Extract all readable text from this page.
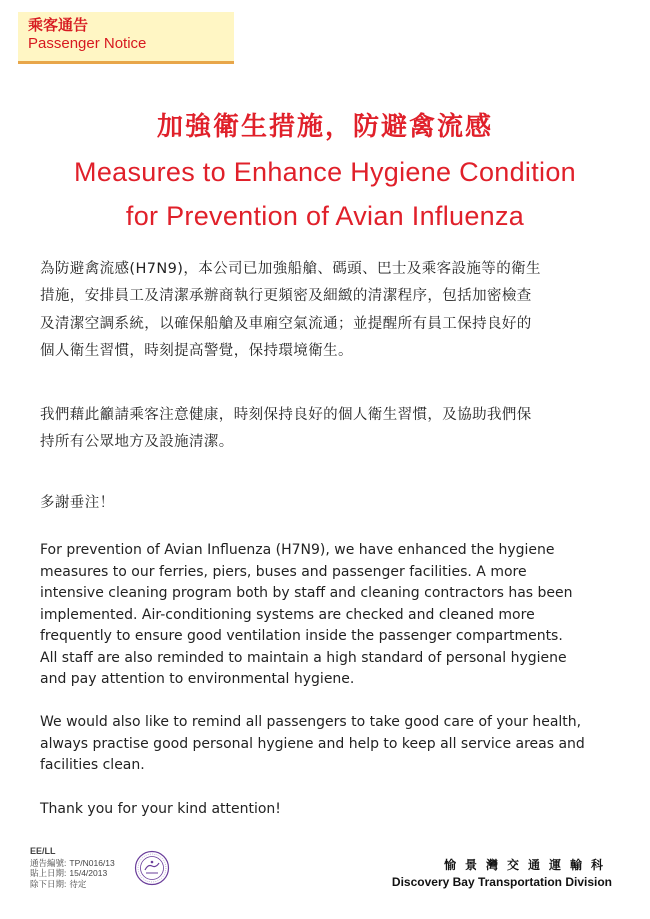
乘客通告
Passenger Notice
加強衛生措施，防避禽流感
Measures to Enhance Hygiene Condition
for Prevention of Avian Influenza
為防避禽流感(H7N9)，本公司已加強船艙、碼頭、巴士及乘客設施等的衛生
措施，安排員工及清潔承辦商執行更頻密及細緻的清潔程序，包括加密檢查
及清潔空調系統，以確保船艙及車廂空氣流通；並提醒所有員工保持良好的
個人衛生習慣，時刻提高警覺，保持環境衛生。
我們藉此籲請乘客注意健康，時刻保持良好的個人衛生習慣，及協助我們保
持所有公眾地方及設施清潔。
多謝垂注！
For prevention of Avian Influenza (H7N9), we have enhanced the hygiene
measures to our ferries, piers, buses and passenger facilities. A more
intensive cleaning program both by staff and cleaning contractors has been
implemented. Air-conditioning systems are checked and cleaned more
frequently to ensure good ventilation inside the passenger compartments.
All staff are also reminded to maintain a high standard of personal hygiene
and pay attention to environmental hygiene.
We would also like to remind all passengers to take good care of your health,
always practise good personal hygiene and help to keep all service areas and
facilities clean.
Thank you for your kind attention!
EE/LL
通告編號:	TP/N016/13
貼上日期:	15/4/2013
除下日期:	待定
愉景灣交通運輸科
Discovery Bay Transportation Division
